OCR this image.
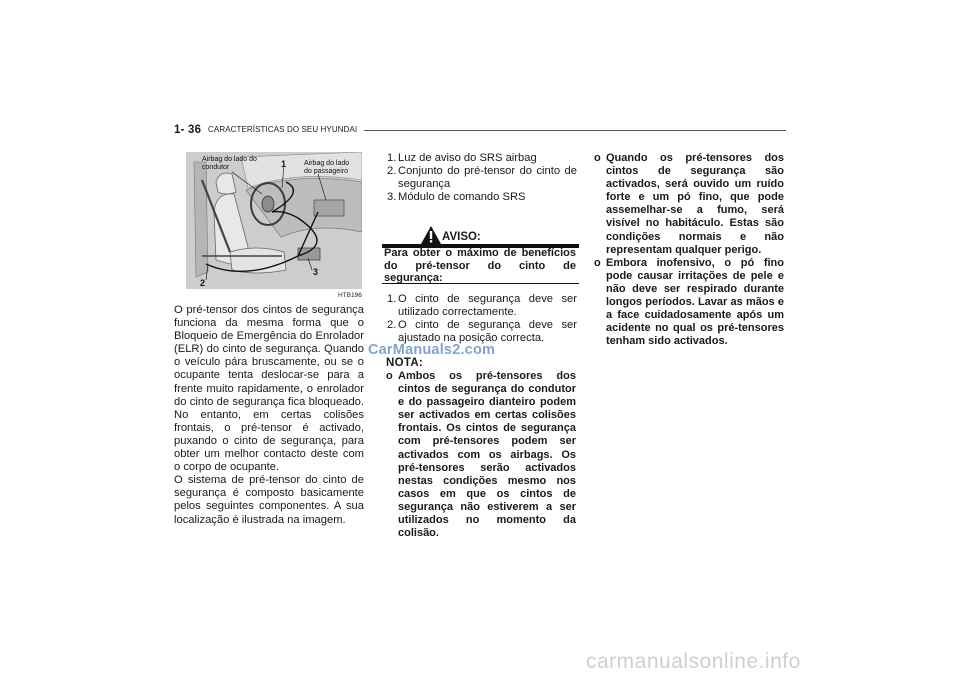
1- 36 CARACTERÍSTICAS DO SEU HYUNDAI
Airbag do lado do
condutor	Airbag do lado
do passageiro
1
2
3
HTB196

O pré-tensor dos cintos de segurança funciona da mesma forma que o Bloqueio de Emergência do Enrolador (ELR) do cinto de segurança. Quando o veículo pára bruscamente, ou se o ocupante tenta deslocar-se para a frente muito rapidamente, o enrolador do cinto de segurança fica bloqueado. No entanto, em certas colisões frontais, o pré-tensor é activado, puxando o cinto de segurança, para obter um melhor contacto deste com o corpo de ocupante.

O sistema de pré-tensor do cinto de segurança é composto basicamente pelos seguintes componentes. A sua localização é ilustrada na imagem.

1. Luz de aviso do SRS airbag
2. Conjunto do pré-tensor do cinto de segurança
3. Módulo de comando SRS
AVISO:
Para obter o máximo de benefícios do pré-tensor do cinto de segurança:
1. O cinto de segurança deve ser utilizado correctamente.
2. O cinto de segurança deve ser ajustado na posição correcta.
NOTA:
o Ambos os pré-tensores dos cintos de segurança do condutor e do passageiro dianteiro podem ser activados em certas colisões frontais. Os cintos de segurança com pré-tensores podem ser activados com os airbags. Os pré-tensores serão activados nestas condições mesmo nos casos em que os cintos de segurança não estiverem a ser utilizados no momento da colisão.
o Quando os pré-tensores dos cintos de segurança são activados, será ouvido um ruído forte e um pó fino, que pode assemelhar-se a fumo, será visível no habitáculo. Estas são condições normais e não representam qualquer perigo.
o Embora inofensivo, o pó fino pode causar irritações de pele e não deve ser respirado durante longos períodos. Lavar as mãos e a face cuidadosamente após um acidente no qual os pré-tensores tenham sido activados.
CarManuals2.com
carmanualsonline.info
